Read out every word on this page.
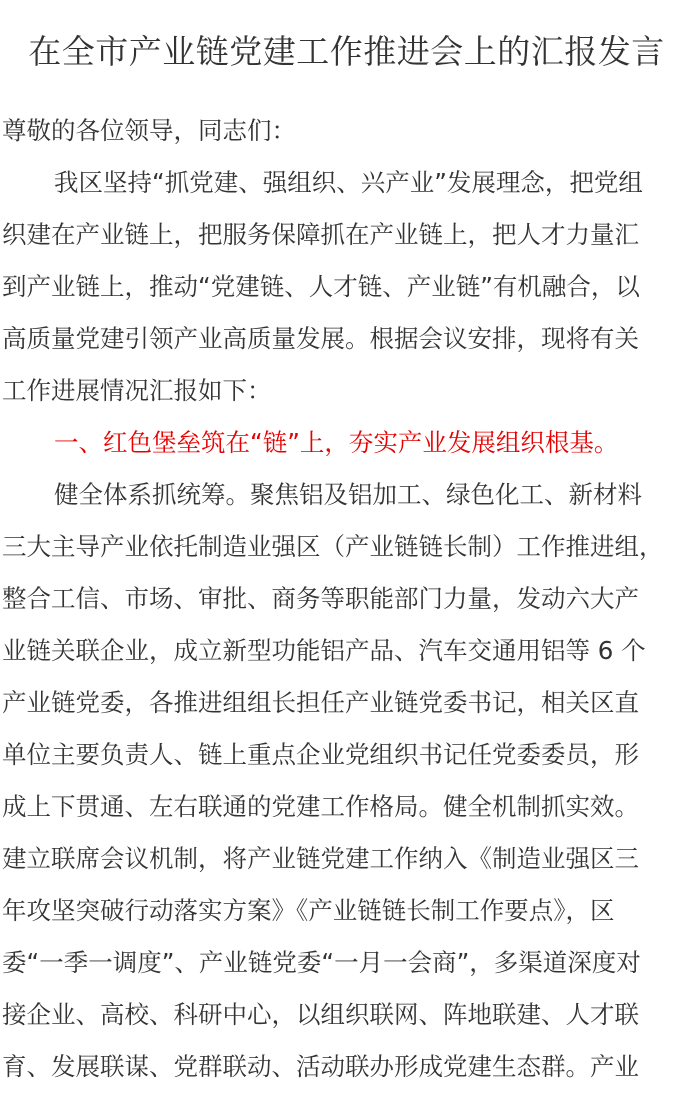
在全市产业链党建工作推进会上的汇报发言
尊敬的各位领导，同志们：
我区坚持“抓党建、强组织、兴产业”发展理念，把党组
织建在产业链上，把服务保障抓在产业链上，把人才力量汇
到产业链上，推动“党建链、人才链、产业链”有机融合，以
高质量党建引领产业高质量发展。根据会议安排，现将有关
工作进展情况汇报如下：
一、红色堡垒筑在“链”上，夯实产业发展组织根基。
健全体系抓统筹。聚焦铝及铝加工、绿色化工、新材料
三大主导产业依托制造业强区（产业链链长制）工作推进组，
整合工信、市场、审批、商务等职能部门力量，发动六大产
业链关联企业，成立新型功能铝产品、汽车交通用铝等 6 个
产业链党委，各推进组组长担任产业链党委书记，相关区直
单位主要负责人、链上重点企业党组织书记任党委委员，形
成上下贯通、左右联通的党建工作格局。健全机制抓实效。
建立联席会议机制，将产业链党建工作纳入《制造业强区三
年攻坚突破行动落实方案》《产业链链长制工作要点》，区
委“一季一调度”、产业链党委“一月一会商”，多渠道深度对
接企业、高校、科研中心，以组织联网、阵地联建、人才联
育、发展联谋、党群联动、活动联办形成党建生态群。产业
